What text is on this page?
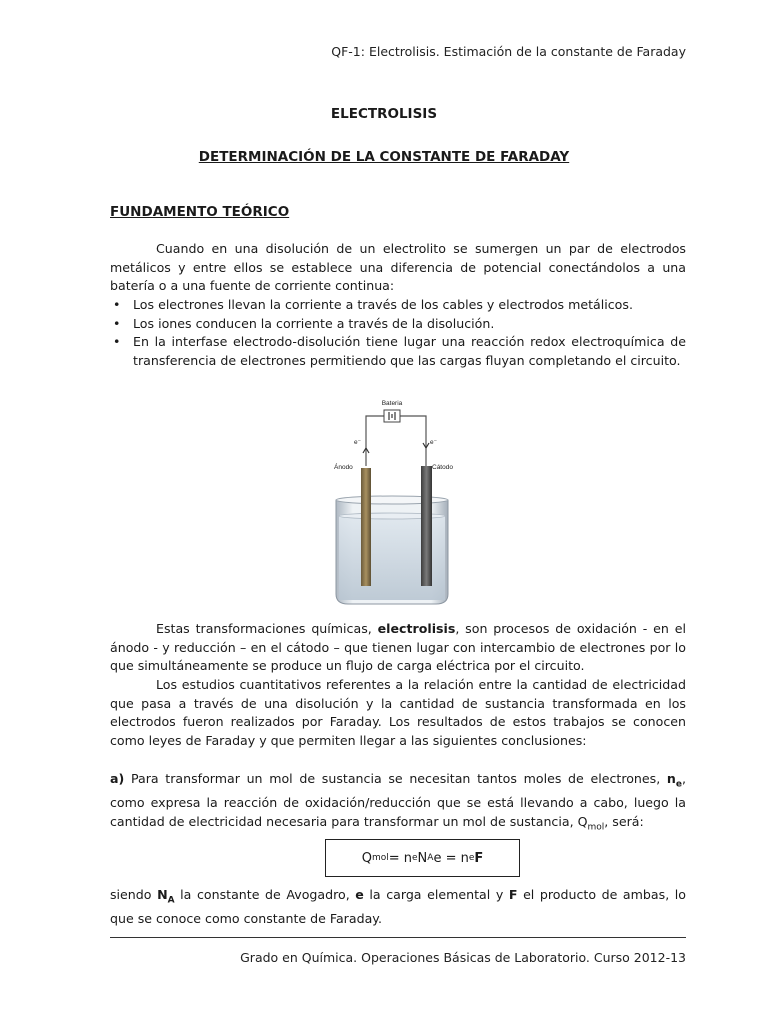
QF-1: Electrolisis. Estimación de la constante de Faraday
ELECTROLISIS
DETERMINACIÓN DE LA CONSTANTE DE FARADAY
FUNDAMENTO TEÓRICO
Cuando en una disolución de un electrolito se sumergen un par de electrodos metálicos y entre ellos se establece una diferencia de potencial conectándolos a una batería o a una fuente de corriente continua:
• Los electrones llevan la corriente a través de los cables y electrodos metálicos.
• Los iones conducen la corriente a través de la disolución.
• En la interfase electrodo-disolución tiene lugar una reacción redox electroquímica de transferencia de electrones permitiendo que las cargas fluyan completando el circuito.
Bateria
e⁻	e⁻
Ánodo	Cátodo
Estas transformaciones químicas, electrolisis, son procesos de oxidación - en el ánodo - y reducción – en el cátodo – que tienen lugar con intercambio de electrones por lo que simultáneamente se produce un flujo de carga eléctrica por el circuito.
Los estudios cuantitativos referentes a la relación entre la cantidad de electricidad que pasa a través de una disolución y la cantidad de sustancia transformada en los electrodos fueron realizados por Faraday. Los resultados de estos trabajos se conocen como leyes de Faraday y que permiten llegar a las siguientes conclusiones:
a) Para transformar un mol de sustancia se necesitan tantos moles de electrones, $n_e$, como expresa la reacción de oxidación/reducción que se está llevando a cabo, luego la cantidad de electricidad necesaria para transformar un mol de sustancia, $Q_{mol}$, será:
Q mol = n e N A e = n e F
siendo $N_A$ la constante de Avogadro, e la carga elemental y F el producto de ambas, lo que se conoce como constante de Faraday.
Grado en Química. Operaciones Básicas de Laboratorio. Curso 2012-13
